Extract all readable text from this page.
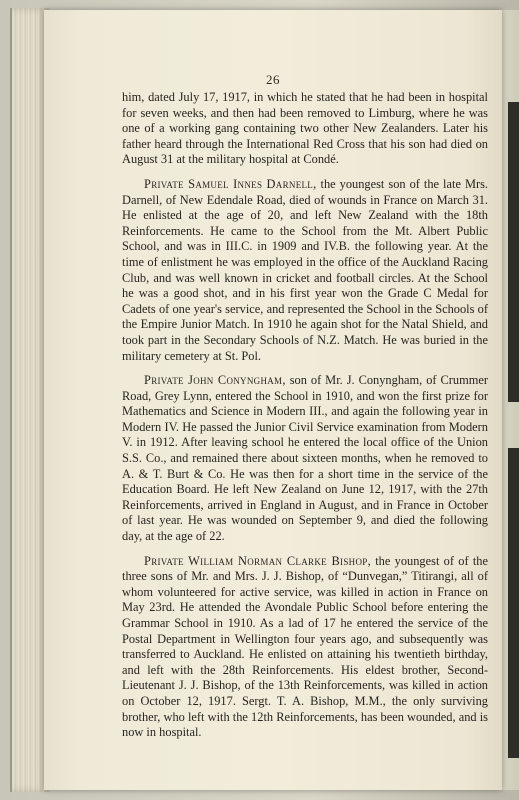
26

him, dated July 17, 1917, in which he stated that he had been in hospital for seven weeks, and then had been removed to Limburg, where he was one of a working gang containing two other New Zealanders. Later his father heard through the International Red Cross that his son had died on August 31 at the military hospital at Condé.

Private Samuel Innes Darnell, the youngest son of the late Mrs. Darnell, of New Edendale Road, died of wounds in France on March 31. He enlisted at the age of 20, and left New Zealand with the 18th Reinforcements. He came to the School from the Mt. Albert Public School, and was in III.C. in 1909 and IV.B. the following year. At the time of enlistment he was employed in the office of the Auckland Racing Club, and was well known in cricket and football circles. At the School he was a good shot, and in his first year won the Grade C Medal for Cadets of one year's service, and represented the School in the Schools of the Empire Junior Match. In 1910 he again shot for the Natal Shield, and took part in the Secondary Schools of N.Z. Match. He was buried in the military cemetery at St. Pol.

Private John Conyngham, son of Mr. J. Conyngham, of Crummer Road, Grey Lynn, entered the School in 1910, and won the first prize for Mathematics and Science in Modern III., and again the following year in Modern IV. He passed the Junior Civil Service examination from Modern V. in 1912. After leaving school he entered the local office of the Union S.S. Co., and remained there about sixteen months, when he removed to A. & T. Burt & Co. He was then for a short time in the service of the Education Board. He left New Zealand on June 12, 1917, with the 27th Reinforcements, arrived in England in August, and in France in October of last year. He was wounded on September 9, and died the following day, at the age of 22.

Private William Norman Clarke Bishop, the youngest of of the three sons of Mr. and Mrs. J. J. Bishop, of “Dunvegan,” Titirangi, all of whom volunteered for active service, was killed in action in France on May 23rd. He attended the Avondale Public School before entering the Grammar School in 1910. As a lad of 17 he entered the service of the Postal Department in Wellington four years ago, and subsequently was transferred to Auckland. He enlisted on attaining his twentieth birthday, and left with the 28th Reinforcements. His eldest brother, Second-Lieutenant J. J. Bishop, of the 13th Reinforcements, was killed in action on October 12, 1917. Sergt. T. A. Bishop, M.M., the only surviving brother, who left with the 12th Reinforcements, has been wounded, and is now in hospital.
